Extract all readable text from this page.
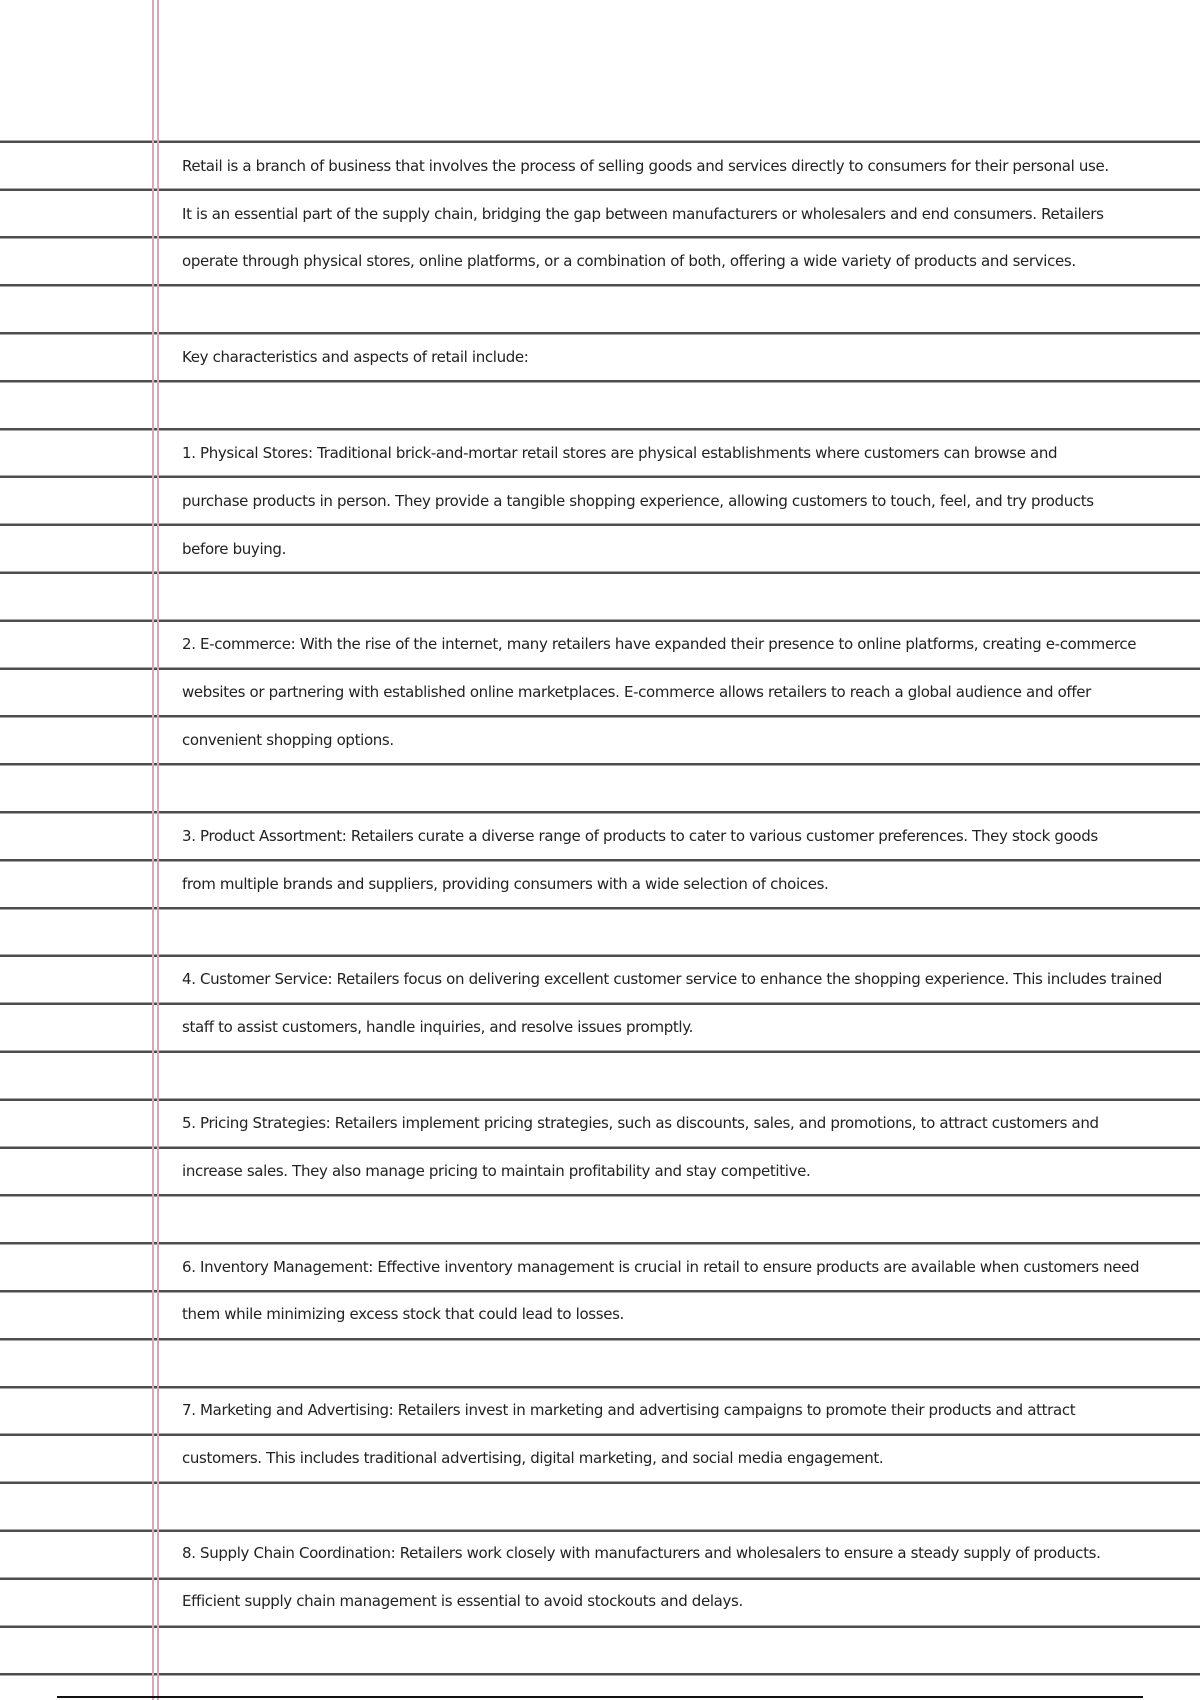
Retail is a branch of business that involves the process of selling goods and services directly to consumers for their personal use.
It is an essential part of the supply chain, bridging the gap between manufacturers or wholesalers and end consumers. Retailers
operate through physical stores, online platforms, or a combination of both, offering a wide variety of products and services.
Key characteristics and aspects of retail include:
1. Physical Stores: Traditional brick-and-mortar retail stores are physical establishments where customers can browse and
purchase products in person. They provide a tangible shopping experience, allowing customers to touch, feel, and try products
before buying.
2. E-commerce: With the rise of the internet, many retailers have expanded their presence to online platforms, creating e-commerce
websites or partnering with established online marketplaces. E-commerce allows retailers to reach a global audience and offer
convenient shopping options.
3. Product Assortment: Retailers curate a diverse range of products to cater to various customer preferences. They stock goods
from multiple brands and suppliers, providing consumers with a wide selection of choices.
4. Customer Service: Retailers focus on delivering excellent customer service to enhance the shopping experience. This includes trained
staff to assist customers, handle inquiries, and resolve issues promptly.
5. Pricing Strategies: Retailers implement pricing strategies, such as discounts, sales, and promotions, to attract customers and
increase sales. They also manage pricing to maintain profitability and stay competitive.
6. Inventory Management: Effective inventory management is crucial in retail to ensure products are available when customers need
them while minimizing excess stock that could lead to losses.
7. Marketing and Advertising: Retailers invest in marketing and advertising campaigns to promote their products and attract
customers. This includes traditional advertising, digital marketing, and social media engagement.
8. Supply Chain Coordination: Retailers work closely with manufacturers and wholesalers to ensure a steady supply of products.
Efficient supply chain management is essential to avoid stockouts and delays.
